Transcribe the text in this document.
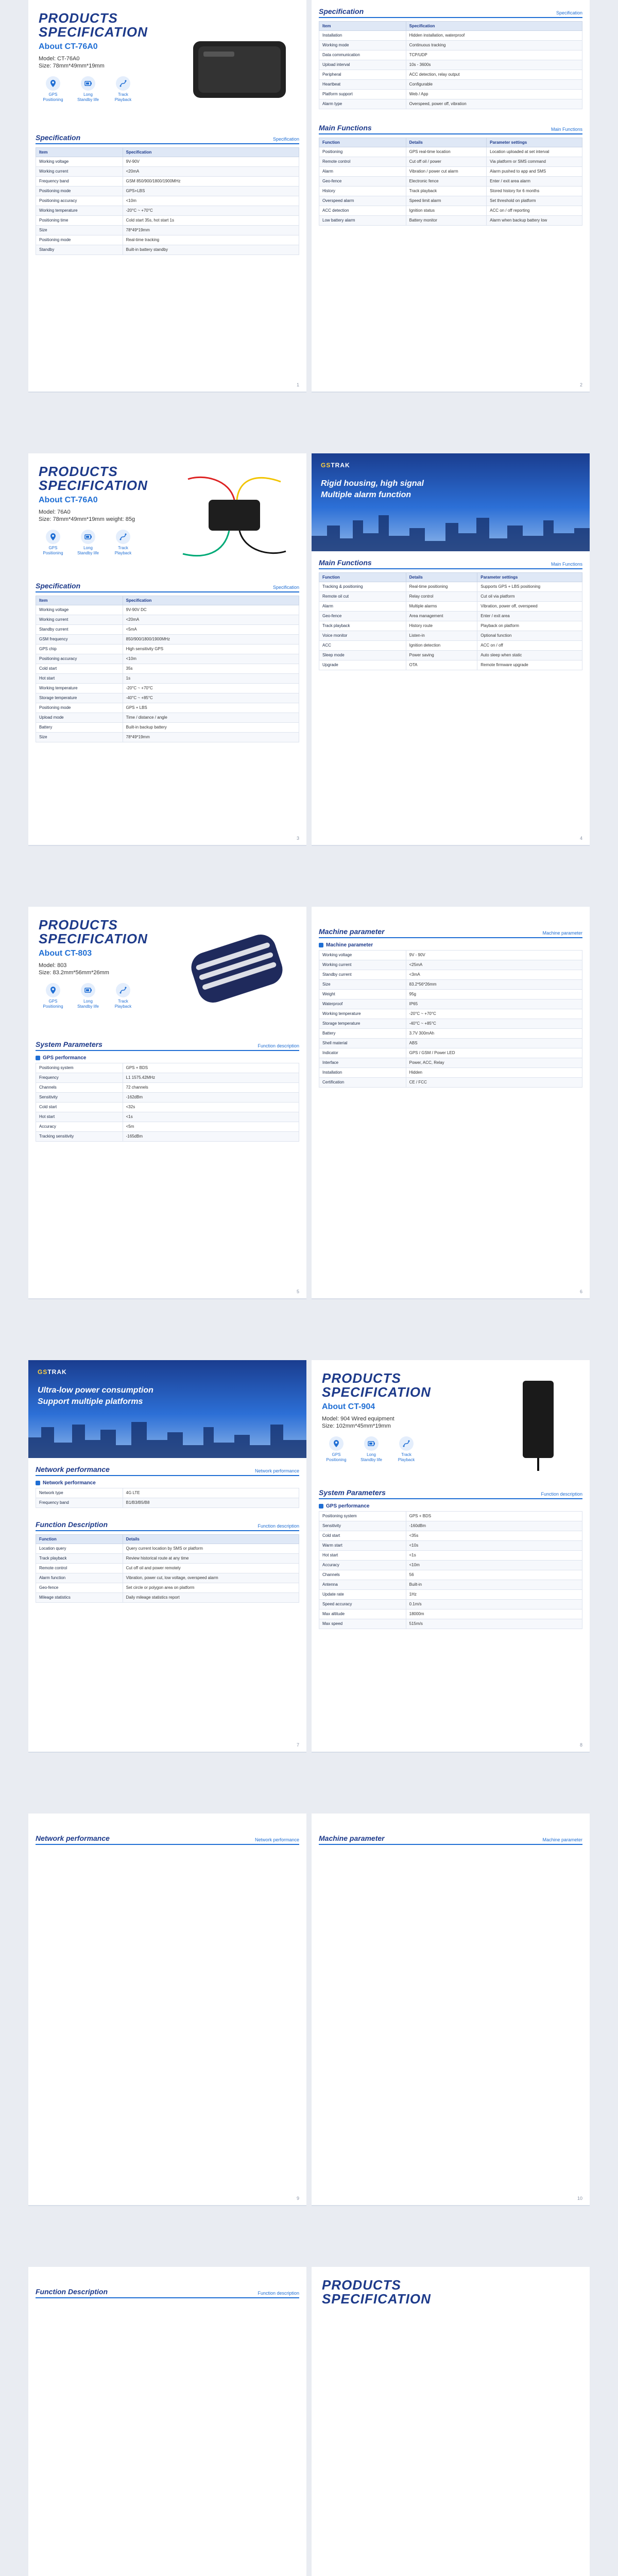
PRODUCTS
SPECIFICATION
About CT-76A0
Model: CT-76A0
Size: 78mm*49mm*19mm
GPS
Positioning
Long
Standby life
Track
Playback
Specification	Specification
Item	Specification
Working voltage	9V-90V
Working current	<20mA
Frequency band	GSM 850/900/1800/1900MHz
Positioning mode	GPS+LBS
Positioning accuracy	<10m
Working temperature	-20°C ~ +70°C
Positioning time	Cold start 35s, hot start 1s
Size	78*49*19mm
Positioning mode	Real-time tracking
Standby	Built-in battery standby
1
Specification	Specification
Item	Specification
Installation	Hidden installation, waterproof
Working mode	Continuous tracking
Data communication	TCP/UDP
Upload interval	10s - 3600s
Peripheral	ACC detection, relay output
Heartbeat	Configurable
Platform support	Web / App
Alarm type	Overspeed, power off, vibration
Main Functions	Main Functions
Function	Details	Parameter settings
Positioning	GPS real-time location	Location uploaded at set interval
Remote control	Cut off oil / power	Via platform or SMS command
Alarm	Vibration / power cut alarm	Alarm pushed to app and SMS
Geo-fence	Electronic fence	Enter / exit area alarm
History	Track playback	Stored history for 6 months
Overspeed alarm	Speed limit alarm	Set threshold on platform
ACC detection	Ignition status	ACC on / off reporting
Low battery alarm	Battery monitor	Alarm when backup battery low
2
PRODUCTS
SPECIFICATION
About CT-76A0
Model: 76A0
Size: 78mm*49mm*19mm weight: 85g
GPS
Positioning
Long
Standby life
Track
Playback
Specification	Specification
Item	Specification
Working voltage	9V-90V DC
Working current	<20mA
Standby current	<5mA
GSM frequency	850/900/1800/1900MHz
GPS chip	High sensitivity GPS
Positioning accuracy	<10m
Cold start	35s
Hot start	1s
Working temperature	-20°C ~ +70°C
Storage temperature	-40°C ~ +85°C
Positioning mode	GPS + LBS
Upload mode	Time / distance / angle
Battery	Built-in backup battery
Size	78*49*19mm
3
GSTRAK
Rigid housing, high signal
Multiple alarm function
Main Functions	Main Functions
Function	Details	Parameter settings
Tracking & positioning	Real-time positioning	Supports GPS + LBS positioning
Remote oil cut	Relay control	Cut oil via platform
Alarm	Multiple alarms	Vibration, power off, overspeed
Geo-fence	Area management	Enter / exit area
Track playback	History route	Playback on platform
Voice monitor	Listen-in	Optional function
ACC	Ignition detection	ACC on / off
Sleep mode	Power saving	Auto sleep when static
Upgrade	OTA	Remote firmware upgrade
4
PRODUCTS
SPECIFICATION
About CT-803
Model: 803
Size: 83.2mm*56mm*26mm
GPS
Positioning
Long
Standby life
Track
Playback
System Parameters	Function description
GPS performance
Positioning system	GPS + BDS
Frequency	L1 1575.42MHz
Channels	72 channels
Sensitivity	-162dBm
Cold start	<32s
Hot start	<1s
Accuracy	<5m
Tracking sensitivity	-165dBm
5
Machine parameter	Machine parameter
Machine parameter
Working voltage	9V - 90V
Working current	<25mA
Standby current	<3mA
Size	83.2*56*26mm
Weight	95g
Waterproof	IP65
Working temperature	-20°C ~ +70°C
Storage temperature	-40°C ~ +85°C
Battery	3.7V 300mAh
Shell material	ABS
Indicator	GPS / GSM / Power LED
Interface	Power, ACC, Relay
Installation	Hidden
Certification	CE / FCC
6
GSTRAK
Ultra-low power consumption
Support multiple platforms
Network performance	Network performance
Network performance
Network type	4G LTE
Frequency band	B1/B3/B5/B8
Function Description	Function description
Function	Details
Location query	Query current location by SMS or platform
Track playback	Review historical route at any time
Remote control	Cut off oil and power remotely
Alarm function	Vibration, power cut, low voltage, overspeed alarm
Geo-fence	Set circle or polygon area on platform
Mileage statistics	Daily mileage statistics report
7
PRODUCTS
SPECIFICATION
About CT-904
Model: 904 Wired equipment
Size: 102mm*45mm*19mm
GPS
Positioning
Long
Standby life
Track
Playback
System Parameters	Function description
GPS performance
Positioning system	GPS + BDS
Sensitivity	-160dBm
Cold start	<35s
Warm start	<10s
Hot start	<1s
Accuracy	<10m
Channels	56
Antenna	Built-in
Update rate	1Hz
Speed accuracy	0.1m/s
Max altitude	18000m
Max speed	515m/s
8
Network performance	Network performance
9
Machine parameter	Machine parameter
10
Function Description	Function description
PRODUCTS
SPECIFICATION
